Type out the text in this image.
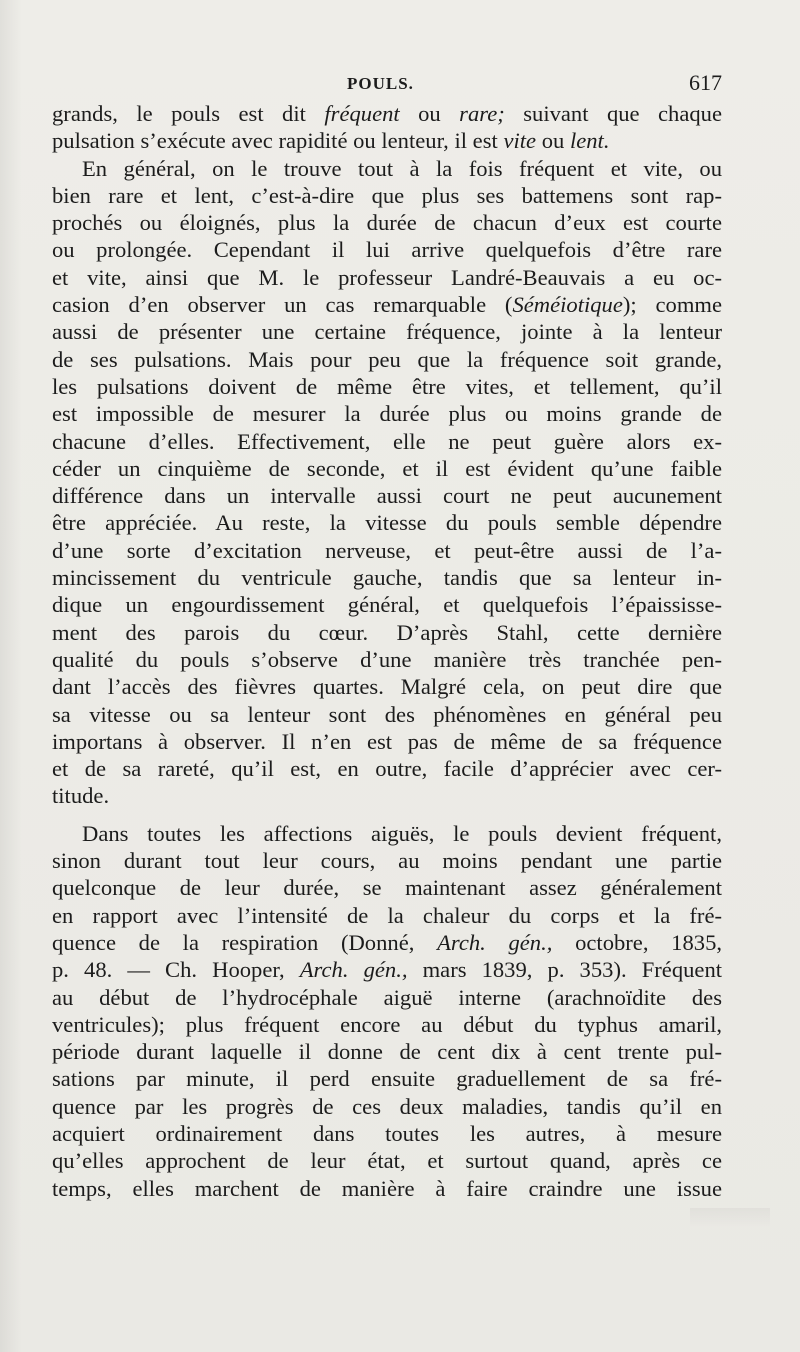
POULS.	617
grands, le pouls est dit fréquent ou rare; suivant que chaque
pulsation s’exécute avec rapidité ou lenteur, il est vite ou lent.
En général, on le trouve tout à la fois fréquent et vite, ou
bien rare et lent, c’est-à-dire que plus ses battemens sont rap-
prochés ou éloignés, plus la durée de chacun d’eux est courte
ou prolongée. Cependant il lui arrive quelquefois d’être rare
et vite, ainsi que M. le professeur Landré-Beauvais a eu oc-
casion d’en observer un cas remarquable (Séméiotique); comme
aussi de présenter une certaine fréquence, jointe à la lenteur
de ses pulsations. Mais pour peu que la fréquence soit grande,
les pulsations doivent de même être vites, et tellement, qu’il
est impossible de mesurer la durée plus ou moins grande de
chacune d’elles. Effectivement, elle ne peut guère alors ex-
céder un cinquième de seconde, et il est évident qu’une faible
différence dans un intervalle aussi court ne peut aucunement
être appréciée. Au reste, la vitesse du pouls semble dépendre
d’une sorte d’excitation nerveuse, et peut-être aussi de l’a-
mincissement du ventricule gauche, tandis que sa lenteur in-
dique un engourdissement général, et quelquefois l’épaississe-
ment des parois du cœur. D’après Stahl, cette dernière
qualité du pouls s’observe d’une manière très tranchée pen-
dant l’accès des fièvres quartes. Malgré cela, on peut dire que
sa vitesse ou sa lenteur sont des phénomènes en général peu
importans à observer. Il n’en est pas de même de sa fréquence
et de sa rareté, qu’il est, en outre, facile d’apprécier avec cer-
titude.
Dans toutes les affections aiguës, le pouls devient fréquent,
sinon durant tout leur cours, au moins pendant une partie
quelconque de leur durée, se maintenant assez généralement
en rapport avec l’intensité de la chaleur du corps et la fré-
quence de la respiration (Donné, Arch. gén., octobre, 1835,
p. 48. — Ch. Hooper, Arch. gén., mars 1839, p. 353). Fréquent
au début de l’hydrocéphale aiguë interne (arachnoïdite des
ventricules); plus fréquent encore au début du typhus amaril,
période durant laquelle il donne de cent dix à cent trente pul-
sations par minute, il perd ensuite graduellement de sa fré-
quence par les progrès de ces deux maladies, tandis qu’il en
acquiert ordinairement dans toutes les autres, à mesure
qu’elles approchent de leur état, et surtout quand, après ce
temps, elles marchent de manière à faire craindre une issue
